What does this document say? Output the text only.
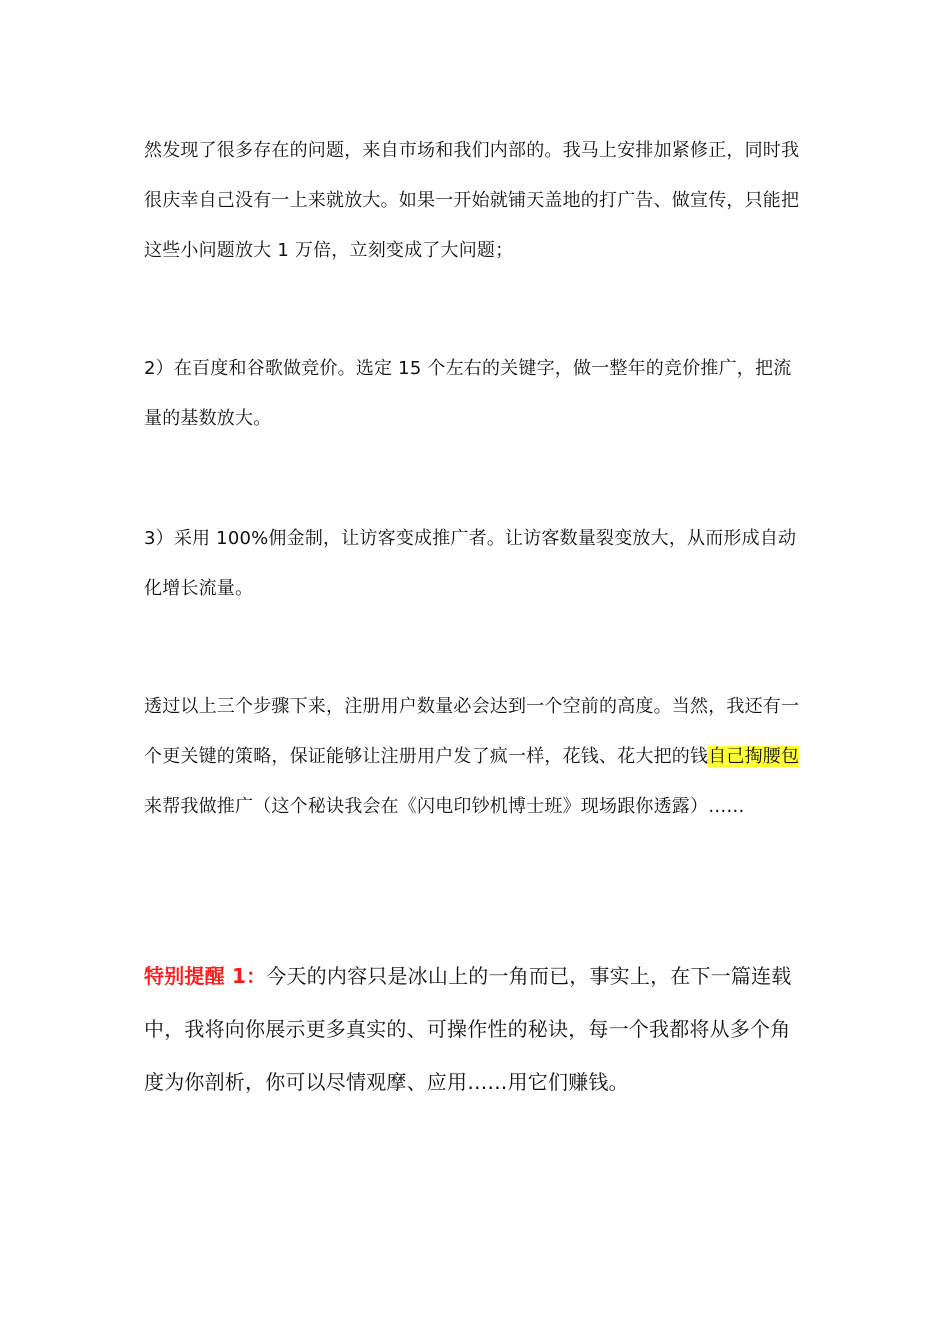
然发现了很多存在的问题，来自市场和我们内部的。我马上安排加紧修正，同时我很庆幸自己没有一上来就放大。如果一开始就铺天盖地的打广告、做宣传，只能把这些小问题放大 1 万倍，立刻变成了大问题；

2）在百度和谷歌做竞价。选定 15 个左右的关键字，做一整年的竞价推广，把流量的基数放大。

3）采用 100%佣金制，让访客变成推广者。让访客数量裂变放大，从而形成自动化增长流量。

透过以上三个步骤下来，注册用户数量必会达到一个空前的高度。当然，我还有一个更关键的策略，保证能够让注册用户发了疯一样，花钱、花大把的钱自己掏腰包来帮我做推广（这个秘诀我会在《闪电印钞机博士班》现场跟你透露）……

特别提醒 1：今天的内容只是冰山上的一角而已，事实上，在下一篇连载中，我将向你展示更多真实的、可操作性的秘诀，每一个我都将从多个角度为你剖析，你可以尽情观摩、应用……用它们赚钱。
